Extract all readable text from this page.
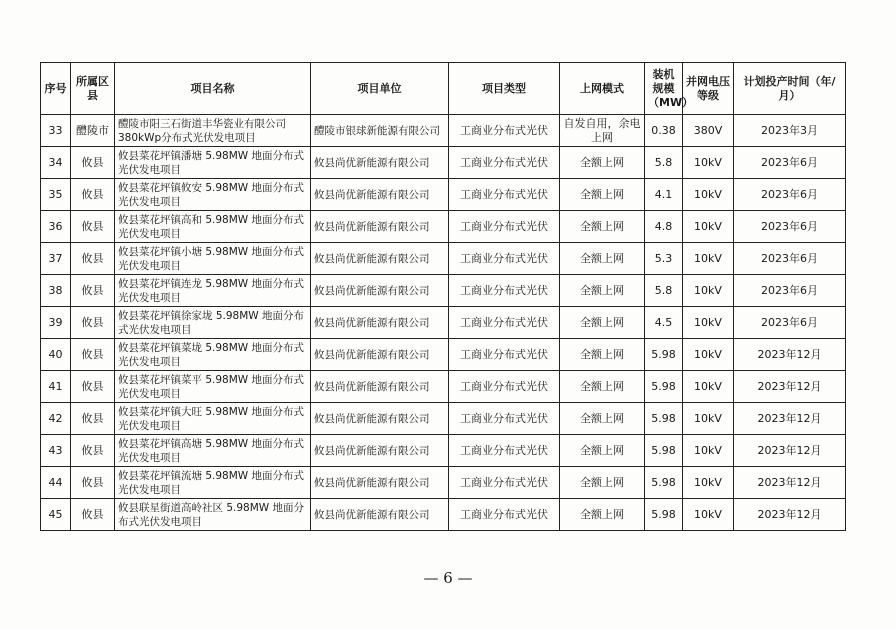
序号	所属区县	项目名称	项目单位	项目类型	上网模式	装机规模（MW）	并网电压等级	计划投产时间（年/月）
33	醴陵市	醴陵市阳三石街道丰华瓷业有限公司 380kWp分布式光伏发电项目	醴陵市银球新能源有限公司	工商业分布式光伏	自发自用，余电上网	0.38	380V	2023年3月
34	攸县	攸县菜花坪镇潘塘 5.98MW 地面分布式光伏发电项目	攸县尚优新能源有限公司	工商业分布式光伏	全额上网	5.8	10kV	2023年6月
35	攸县	攸县菜花坪镇攸安 5.98MW 地面分布式光伏发电项目	攸县尚优新能源有限公司	工商业分布式光伏	全额上网	4.1	10kV	2023年6月
36	攸县	攸县菜花坪镇高和 5.98MW 地面分布式光伏发电项目	攸县尚优新能源有限公司	工商业分布式光伏	全额上网	4.8	10kV	2023年6月
37	攸县	攸县菜花坪镇小塘 5.98MW 地面分布式光伏发电项目	攸县尚优新能源有限公司	工商业分布式光伏	全额上网	5.3	10kV	2023年6月
38	攸县	攸县菜花坪镇连龙 5.98MW 地面分布式光伏发电项目	攸县尚优新能源有限公司	工商业分布式光伏	全额上网	5.8	10kV	2023年6月
39	攸县	攸县菜花坪镇徐家垅 5.98MW 地面分布式光伏发电项目	攸县尚优新能源有限公司	工商业分布式光伏	全额上网	4.5	10kV	2023年6月
40	攸县	攸县菜花坪镇菜垅 5.98MW 地面分布式光伏发电项目	攸县尚优新能源有限公司	工商业分布式光伏	全额上网	5.98	10kV	2023年12月
41	攸县	攸县菜花坪镇菜平 5.98MW 地面分布式光伏发电项目	攸县尚优新能源有限公司	工商业分布式光伏	全额上网	5.98	10kV	2023年12月
42	攸县	攸县菜花坪镇大旺 5.98MW 地面分布式光伏发电项目	攸县尚优新能源有限公司	工商业分布式光伏	全额上网	5.98	10kV	2023年12月
43	攸县	攸县菜花坪镇高塘 5.98MW 地面分布式光伏发电项目	攸县尚优新能源有限公司	工商业分布式光伏	全额上网	5.98	10kV	2023年12月
44	攸县	攸县菜花坪镇流塘 5.98MW 地面分布式光伏发电项目	攸县尚优新能源有限公司	工商业分布式光伏	全额上网	5.98	10kV	2023年12月
45	攸县	攸县联星街道高岭社区 5.98MW 地面分布式光伏发电项目	攸县尚优新能源有限公司	工商业分布式光伏	全额上网	5.98	10kV	2023年12月
— 6 —
